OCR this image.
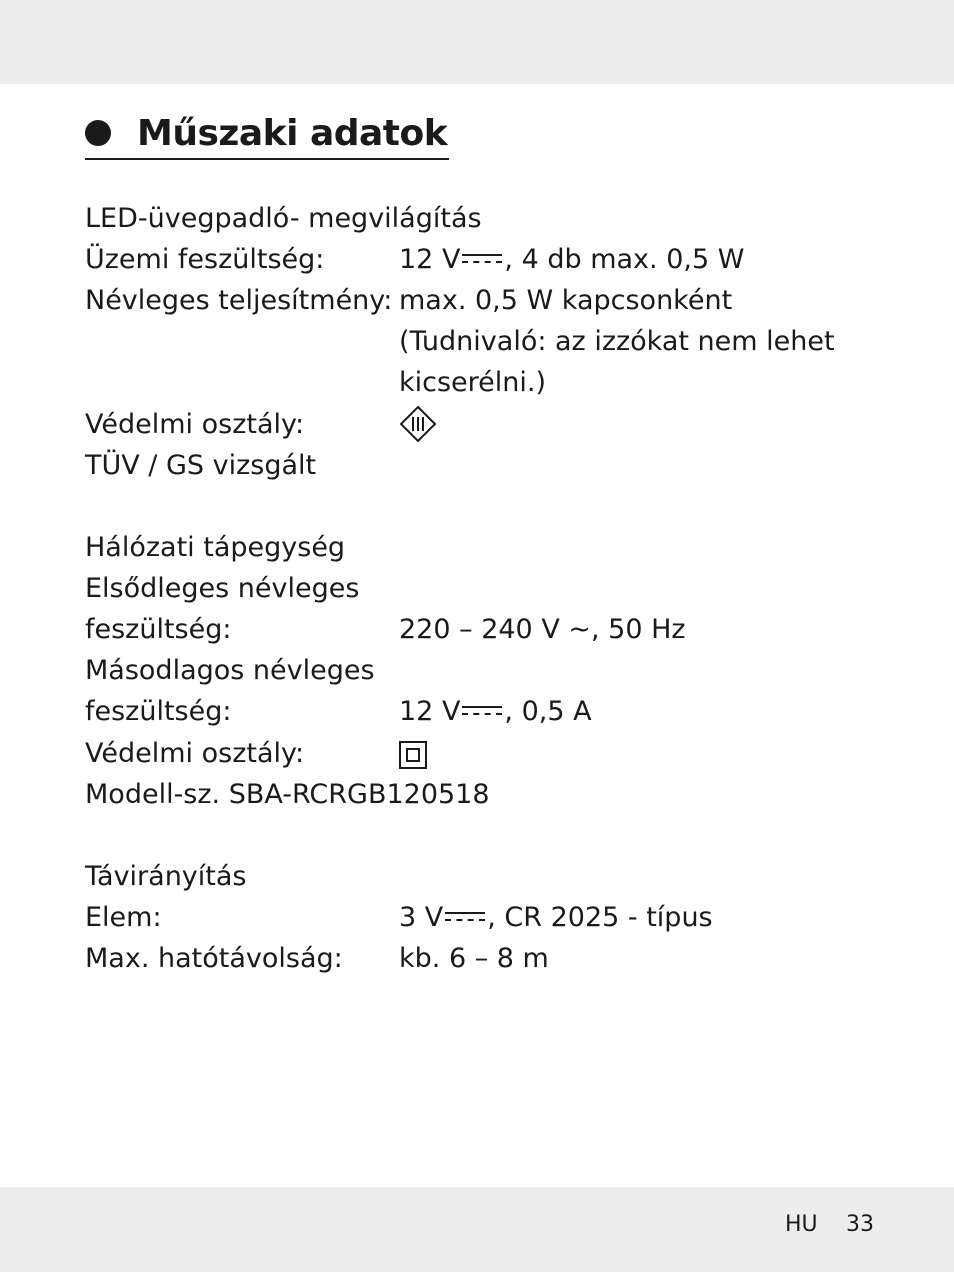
Műszaki adatok
LED-üvegpadló- megvilágítás
Üzemi feszültség:	12 V , 4 db max. 0,5 W
Névleges teljesítmény: max. 0,5 W kapcsonként
(Tudnivaló: az izzókat nem lehet
kicserélni.)
Védelmi osztály:
TÜV / GS vizsgált
Hálózati tápegység
Elsődleges névleges
feszültség:	220 – 240 V ~, 50 Hz
Másodlagos névleges
feszültség:	12 V , 0,5 A
Védelmi osztály:
Modell-sz. SBA-RCRGB120518
Távirányítás
Elem:	3 V , CR 2025 - típus
Max. hatótávolság: kb. 6 – 8 m
HU 33
